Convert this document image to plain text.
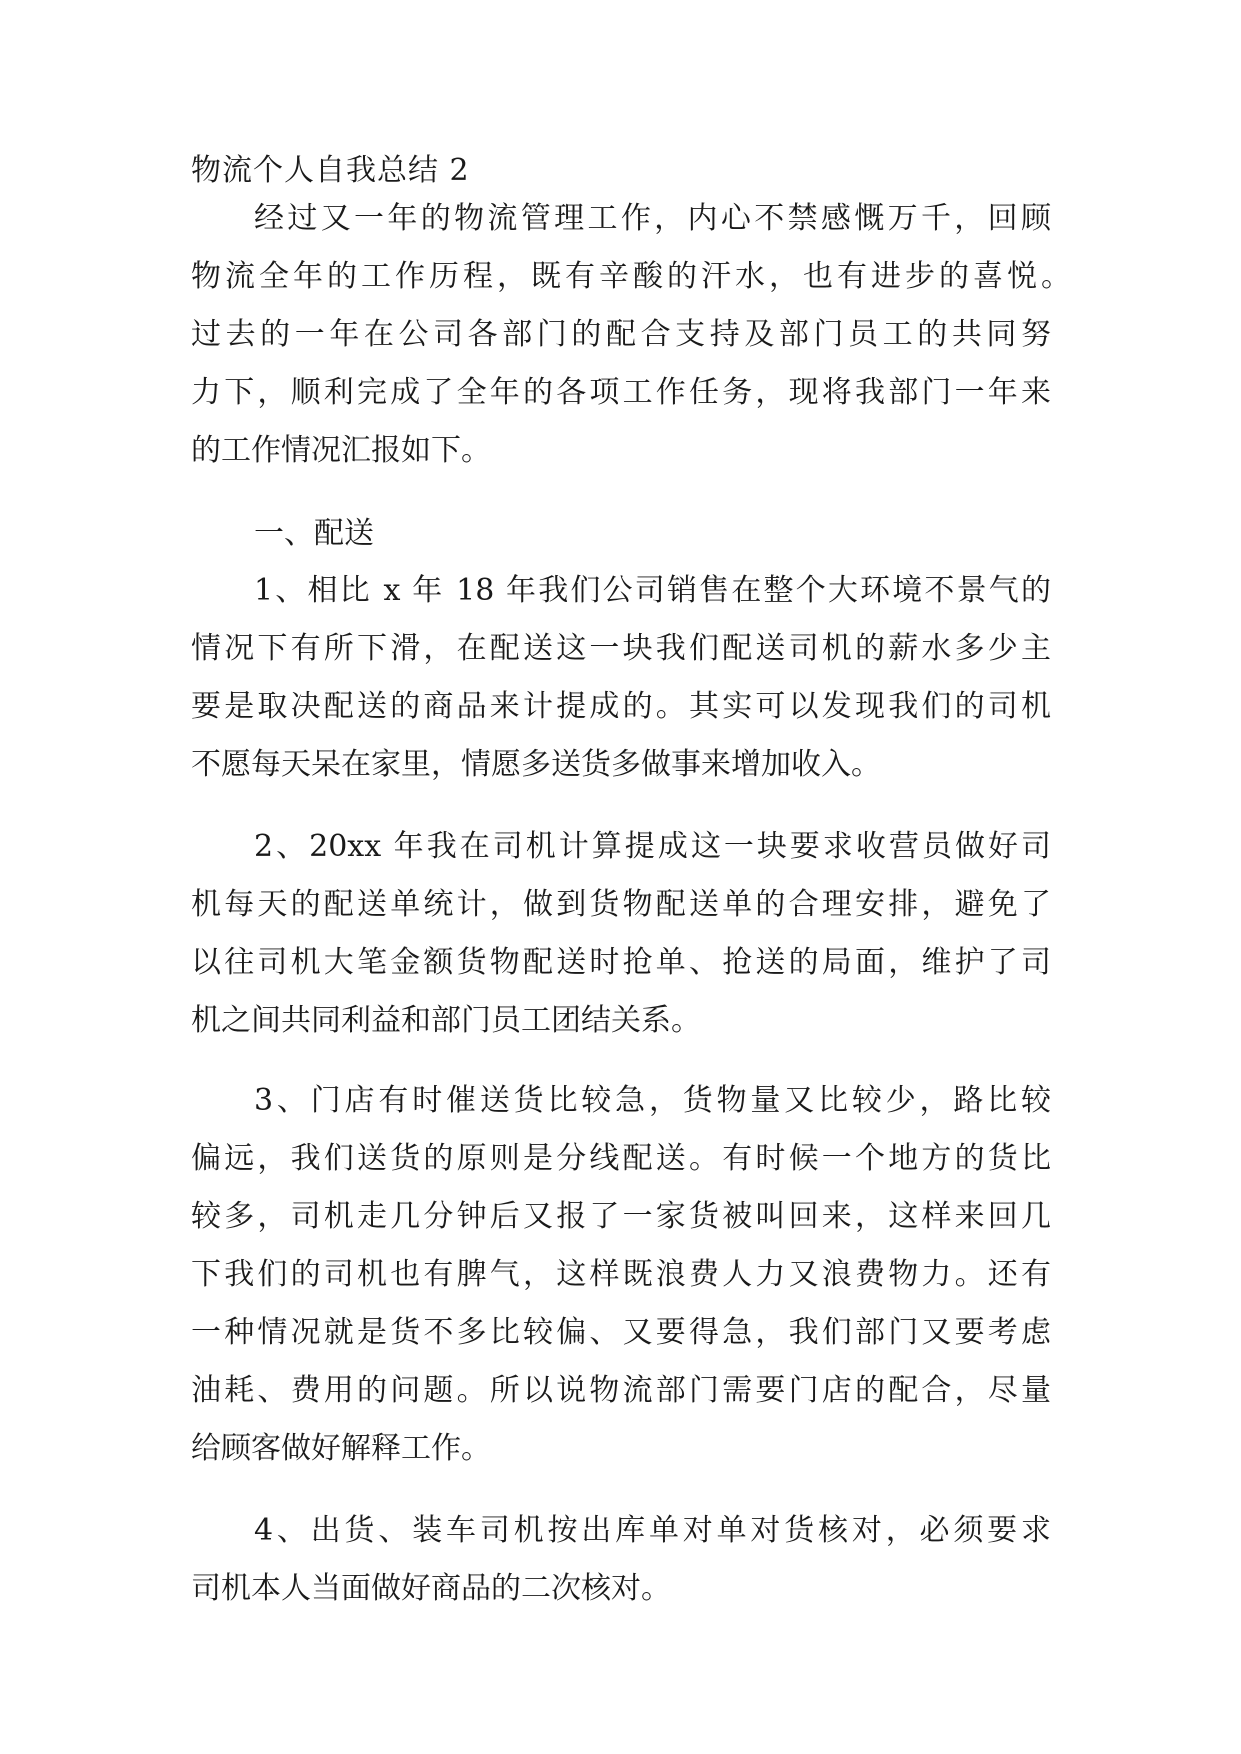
物流个人自我总结 2
经过又一年的物流管理工作，内心不禁感慨万千，回顾
物流全年的工作历程，既有辛酸的汗水，也有进步的喜悦。
过去的一年在公司各部门的配合支持及部门员工的共同努
力下，顺利完成了全年的各项工作任务，现将我部门一年来
的工作情况汇报如下。
一、配送
1、相比 x 年 18 年我们公司销售在整个大环境不景气的
情况下有所下滑，在配送这一块我们配送司机的薪水多少主
要是取决配送的商品来计提成的。其实可以发现我们的司机
不愿每天呆在家里，情愿多送货多做事来增加收入。
2、20xx 年我在司机计算提成这一块要求收营员做好司
机每天的配送单统计，做到货物配送单的合理安排，避免了
以往司机大笔金额货物配送时抢单、抢送的局面，维护了司
机之间共同利益和部门员工团结关系。
3、门店有时催送货比较急，货物量又比较少，路比较
偏远，我们送货的原则是分线配送。有时候一个地方的货比
较多，司机走几分钟后又报了一家货被叫回来，这样来回几
下我们的司机也有脾气，这样既浪费人力又浪费物力。还有
一种情况就是货不多比较偏、又要得急，我们部门又要考虑
油耗、费用的问题。所以说物流部门需要门店的配合，尽量
给顾客做好解释工作。
4、出货、装车司机按出库单对单对货核对，必须要求
司机本人当面做好商品的二次核对。
